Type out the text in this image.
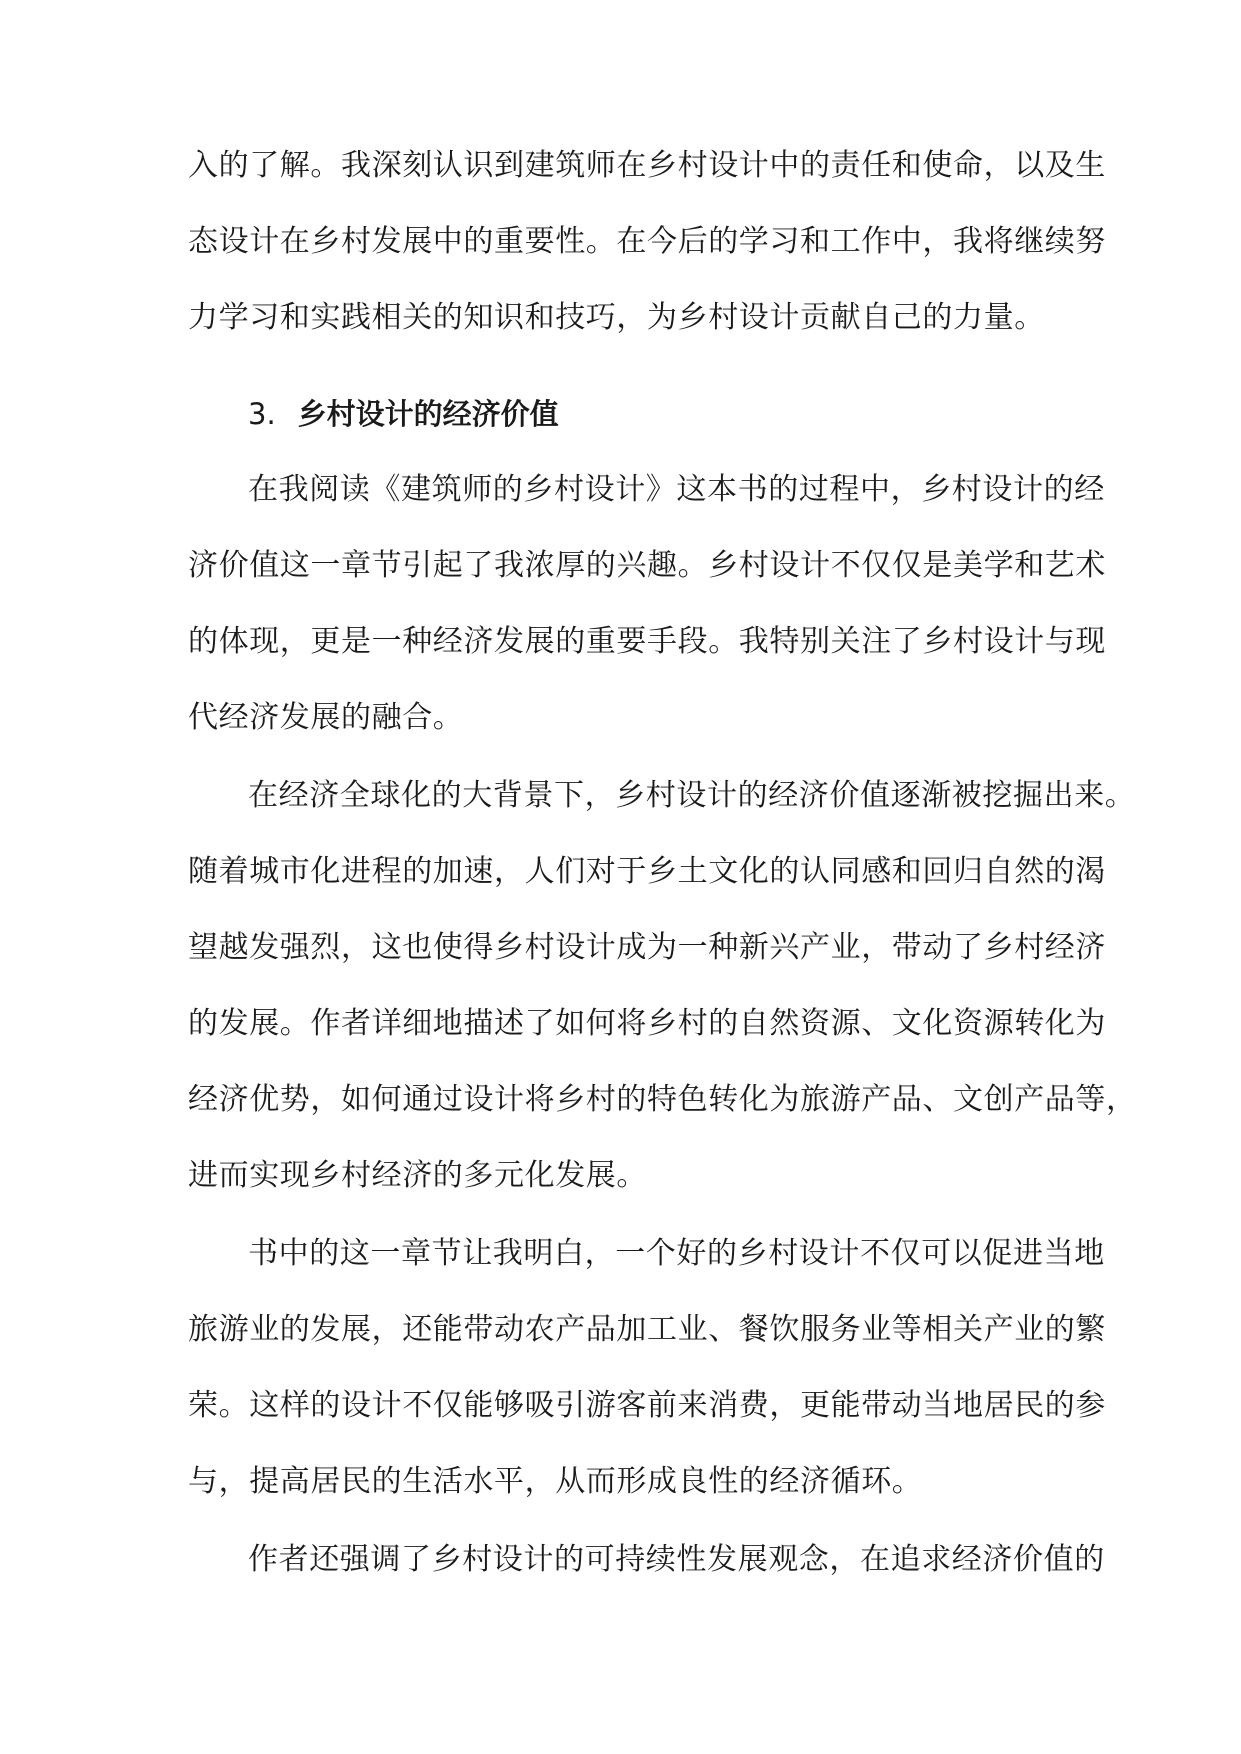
入的了解。我深刻认识到建筑师在乡村设计中的责任和使命，以及生
态设计在乡村发展中的重要性。在今后的学习和工作中，我将继续努
力学习和实践相关的知识和技巧，为乡村设计贡献自己的力量。
3. 乡村设计的经济价值
在我阅读《建筑师的乡村设计》这本书的过程中，乡村设计的经
济价值这一章节引起了我浓厚的兴趣。乡村设计不仅仅是美学和艺术
的体现，更是一种经济发展的重要手段。我特别关注了乡村设计与现
代经济发展的融合。
在经济全球化的大背景下，乡村设计的经济价值逐渐被挖掘出来。
随着城市化进程的加速，人们对于乡土文化的认同感和回归自然的渴
望越发强烈，这也使得乡村设计成为一种新兴产业，带动了乡村经济
的发展。作者详细地描述了如何将乡村的自然资源、文化资源转化为
经济优势，如何通过设计将乡村的特色转化为旅游产品、文创产品等，
进而实现乡村经济的多元化发展。
书中的这一章节让我明白，一个好的乡村设计不仅可以促进当地
旅游业的发展，还能带动农产品加工业、餐饮服务业等相关产业的繁
荣。这样的设计不仅能够吸引游客前来消费，更能带动当地居民的参
与，提高居民的生活水平，从而形成良性的经济循环。
作者还强调了乡村设计的可持续性发展观念，在追求经济价值的
